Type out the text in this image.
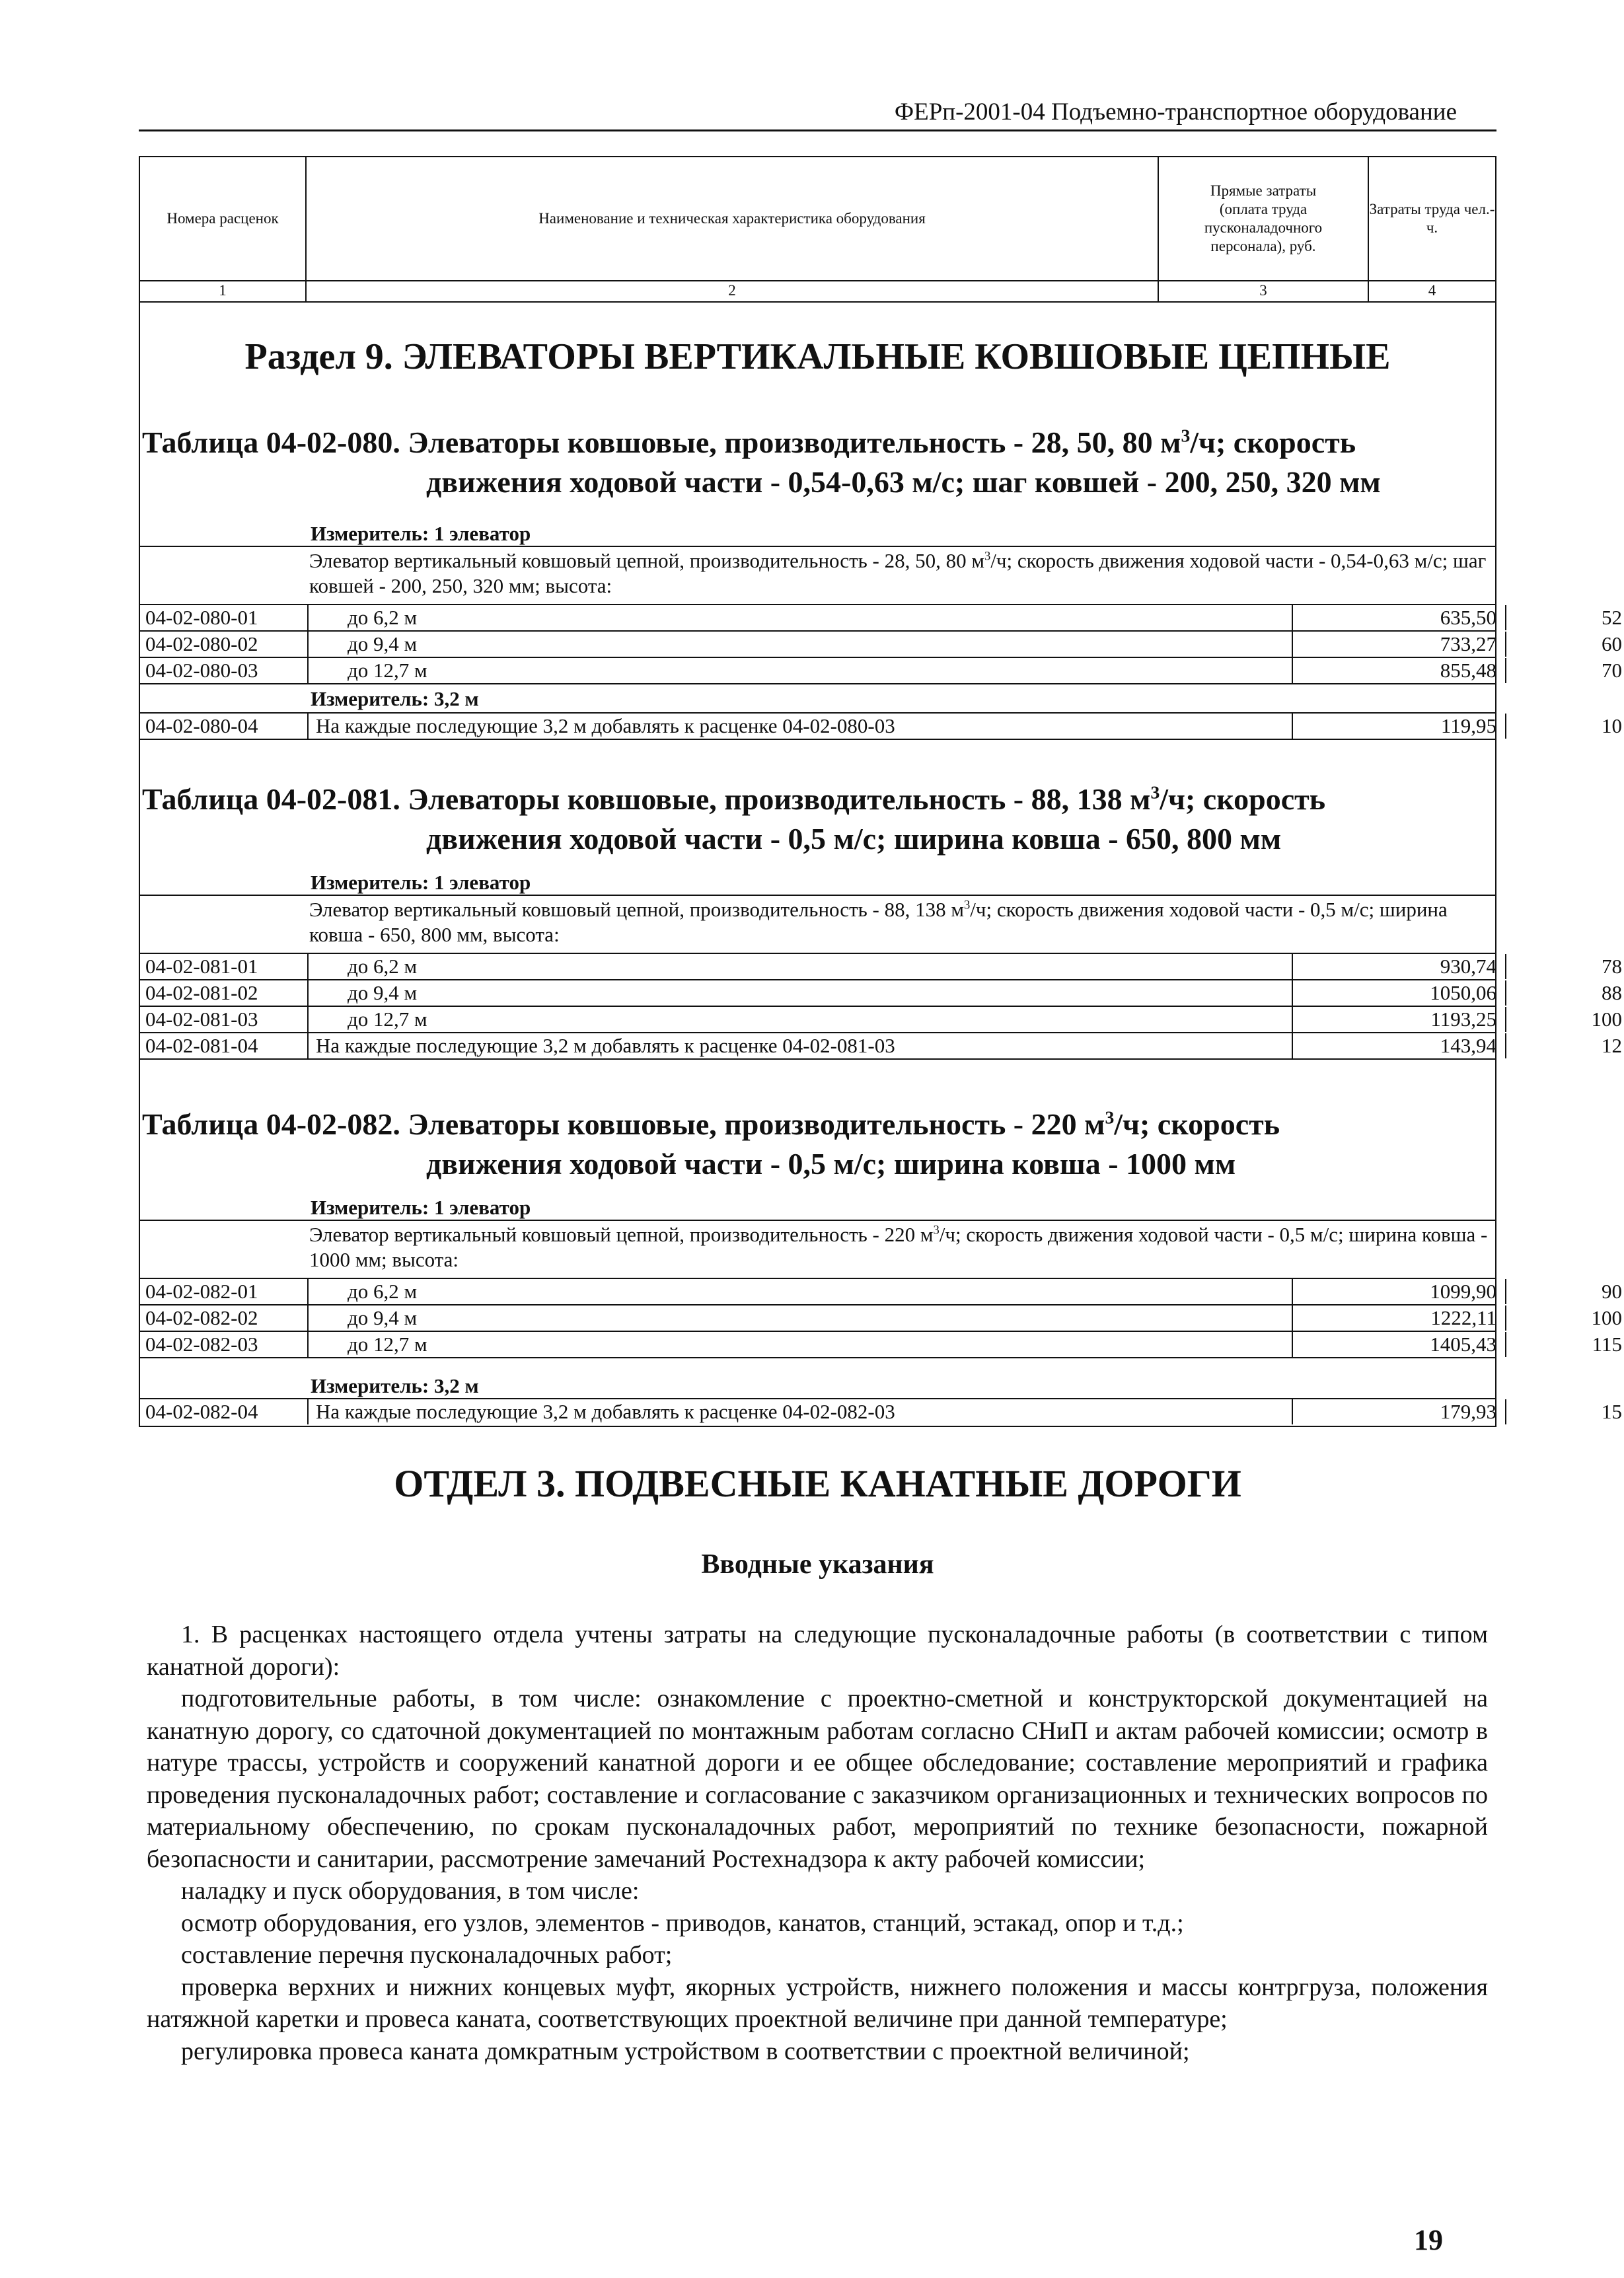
ФЕРп-2001-04 Подъемно-транспортное оборудование
Номера расценок	Наименование и техническая характеристика оборудования
Прямые затраты (оплата труда пусконаладочного персонала), руб.
Затраты труда чел.-ч.
1	2	3	4
Раздел 9. ЭЛЕВАТОРЫ ВЕРТИКАЛЬНЫЕ КОВШОВЫЕ ЦЕПНЫЕ
Таблица 04-02-080. Элеваторы ковшовые, производительность - 28, 50, 80 $м^3/ч$; скорость
движения ходовой части - 0,54-0,63 м/с; шаг ковшей - 200, 250, 320 мм
Измеритель: 1 элеватор
Элеватор вертикальный ковшовый цепной, производительность - 28, 50, 80 $м^3/ч$; скорость движения ходовой части - 0,54-0,63 м/с; шаг ковшей - 200, 250, 320 мм; высота:
04-02-080-01	до 6,2 м	635,50	52
04-02-080-02	до 9,4 м	733,27	60
04-02-080-03	до 12,7 м	855,48	70
Измеритель: 3,2 м
04-02-080-04	На каждые последующие 3,2 м добавлять к расценке 04-02-080-03	119,95	10
Таблица 04-02-081. Элеваторы ковшовые, производительность - 88, 138 $м^3/ч$; скорость
движения ходовой части - 0,5 м/с; ширина ковша - 650, 800 мм
Измеритель: 1 элеватор
Элеватор вертикальный ковшовый цепной, производительность - 88, 138 $м^3/ч$; скорость движения ходовой части - 0,5 м/с; ширина ковша - 650, 800 мм, высота:
04-02-081-01	до 6,2 м	930,74	78
04-02-081-02	до 9,4 м	1050,06	88
04-02-081-03	до 12,7 м	1193,25	100
04-02-081-04	На каждые последующие 3,2 м добавлять к расценке 04-02-081-03	143,94	12
Таблица 04-02-082. Элеваторы ковшовые, производительность - 220 $м^3/ч$; скорость
движения ходовой части - 0,5 м/с; ширина ковша - 1000 мм
Измеритель: 1 элеватор
Элеватор вертикальный ковшовый цепной, производительность - 220 $м^3/ч$; скорость движения ходовой части - 0,5 м/с; ширина ковша - 1000 мм; высота:
04-02-082-01	до 6,2 м	1099,90	90
04-02-082-02	до 9,4 м	1222,11	100
04-02-082-03	до 12,7 м	1405,43	115
Измеритель: 3,2 м
04-02-082-04	На каждые последующие 3,2 м добавлять к расценке 04-02-082-03	179,93	15
ОТДЕЛ 3. ПОДВЕСНЫЕ КАНАТНЫЕ ДОРОГИ
Вводные указания

1. В расценках настоящего отдела учтены затраты на следующие пусконаладочные работы (в соответствии с типом канатной дороги):

подготовительные работы, в том числе: ознакомление с проектно-сметной и конструкторской документацией на канатную дорогу, со сдаточной документацией по монтажным работам согласно СНиП и актам рабочей комиссии; осмотр в натуре трассы, устройств и сооружений канатной дороги и ее общее обследование; составление мероприятий и графика проведения пусконаладочных работ; составление и согласование с заказчиком организационных и технических вопросов по материальному обеспечению, по срокам пусконаладочных работ, мероприятий по технике безопасности, пожарной безопасности и санитарии, рассмотрение замечаний Ростехнадзора к акту рабочей комиссии;

наладку и пуск оборудования, в том числе:

осмотр оборудования, его узлов, элементов - приводов, канатов, станций, эстакад, опор и т.д.;

составление перечня пусконаладочных работ;

проверка верхних и нижних концевых муфт, якорных устройств, нижнего положения и массы контргруза, положения натяжной каретки и провеса каната, соответствующих проектной величине при данной температуре;

регулировка провеса каната домкратным устройством в соответствии с проектной величиной;

19
